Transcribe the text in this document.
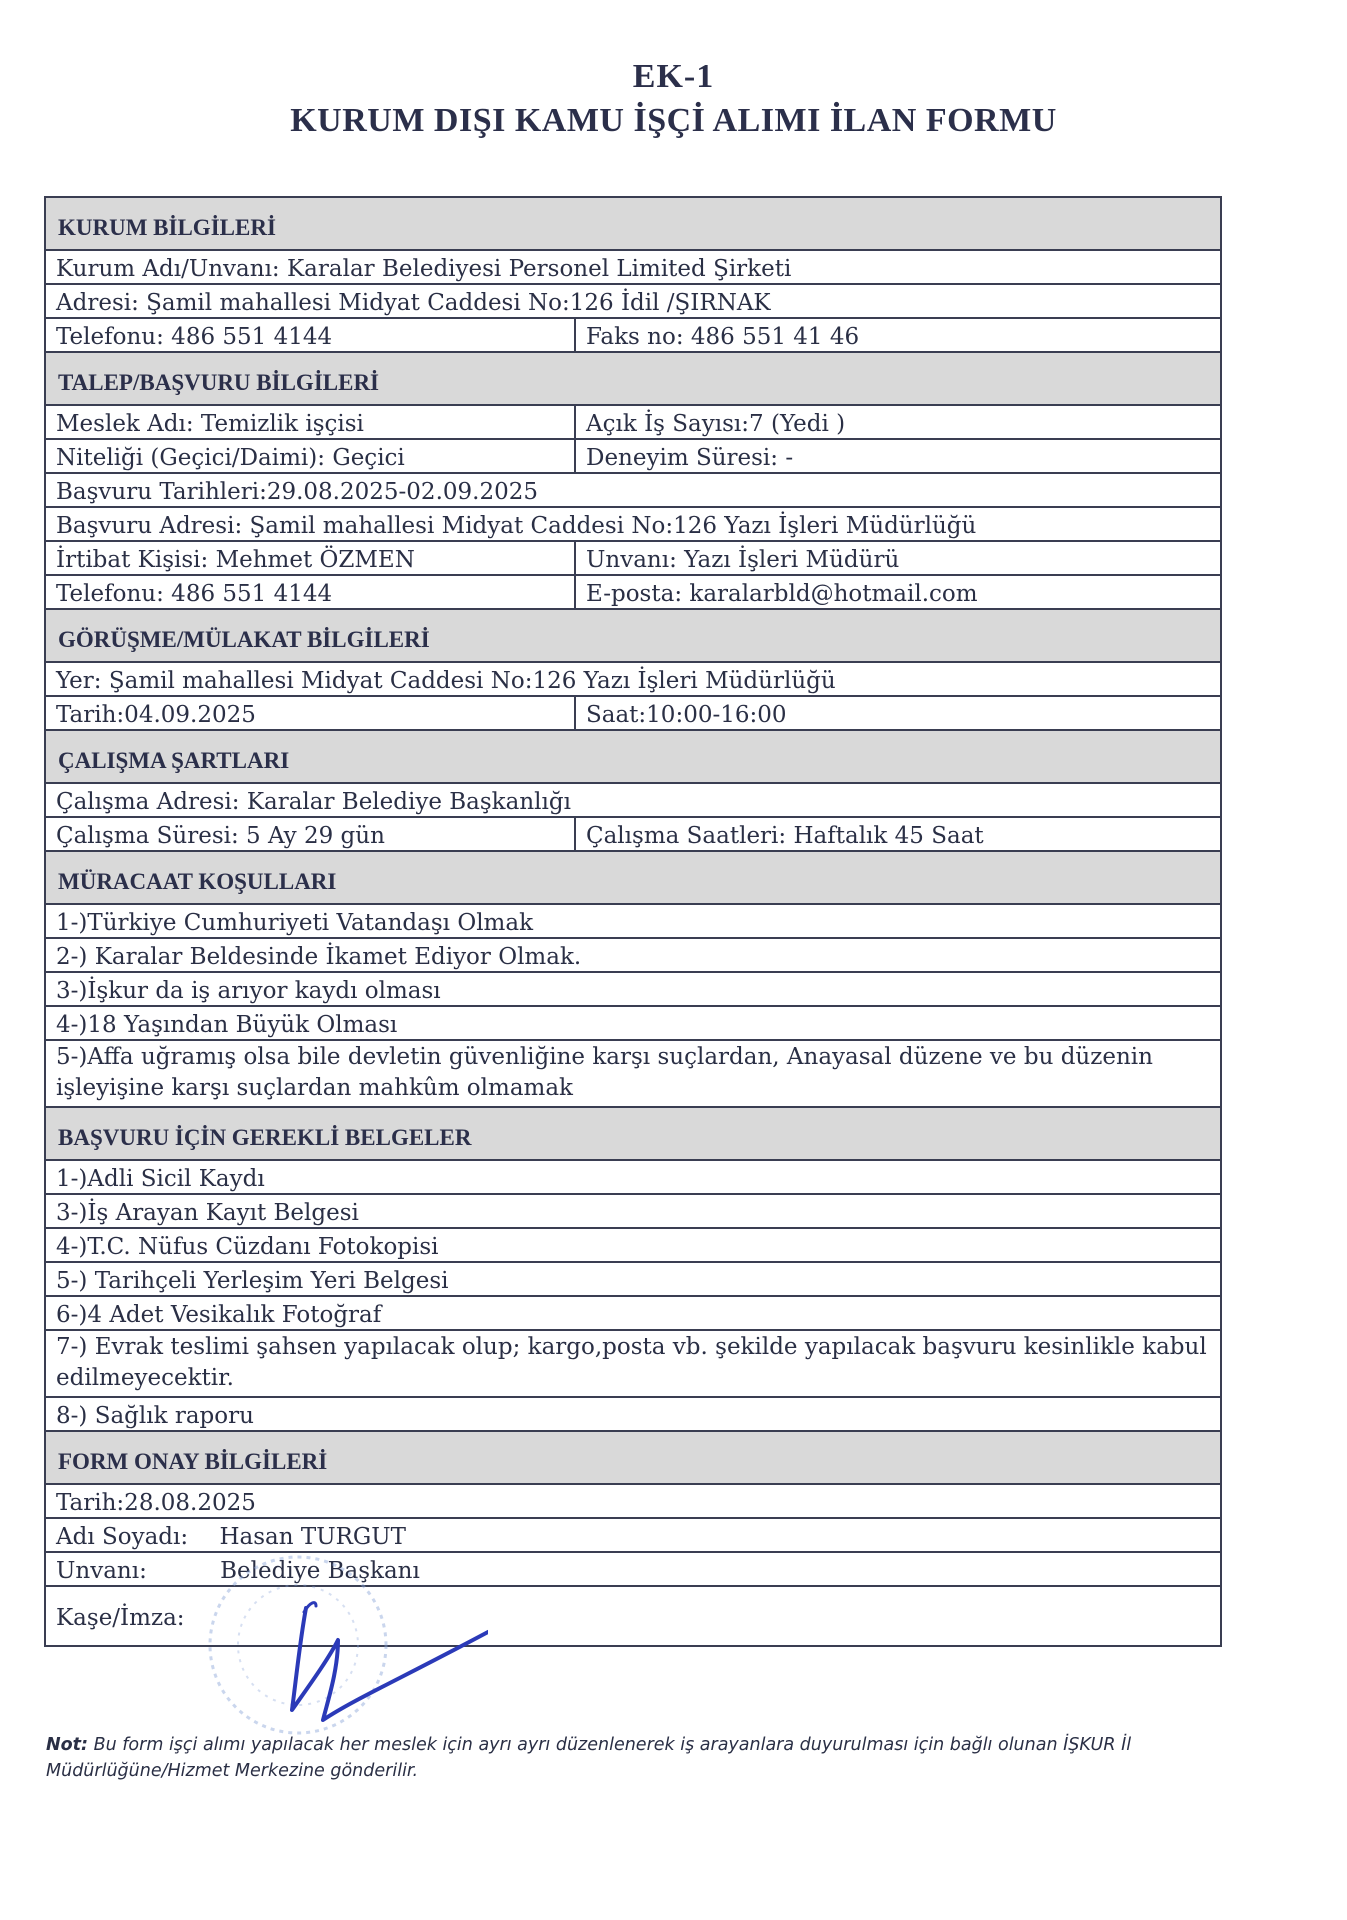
EK-1
KURUM DIŞI KAMU İŞÇİ ALIMI İLAN FORMU
KURUM BİLGİLERİ
Kurum Adı/Unvanı: Karalar Belediyesi Personel Limited Şirketi
Adresi: Şamil mahallesi Midyat Caddesi No:126 İdil /ŞIRNAK
Telefonu: 486 551 4144	Faks no: 486 551 41 46
TALEP/BAŞVURU BİLGİLERİ
Meslek Adı: Temizlik işçisi	Açık İş Sayısı:7 (Yedi )
Niteliği (Geçici/Daimi): Geçici	Deneyim Süresi: -
Başvuru Tarihleri:29.08.2025-02.09.2025
Başvuru Adresi: Şamil mahallesi Midyat Caddesi No:126 Yazı İşleri Müdürlüğü
İrtibat Kişisi: Mehmet ÖZMEN	Unvanı: Yazı İşleri Müdürü
Telefonu: 486 551 4144	E-posta: karalarbld@hotmail.com
GÖRÜŞME/MÜLAKAT BİLGİLERİ
Yer: Şamil mahallesi Midyat Caddesi No:126 Yazı İşleri Müdürlüğü
Tarih:04.09.2025	Saat:10:00-16:00
ÇALIŞMA ŞARTLARI
Çalışma Adresi: Karalar Belediye Başkanlığı
Çalışma Süresi: 5 Ay 29 gün	Çalışma Saatleri: Haftalık 45 Saat
MÜRACAAT KOŞULLARI
1-)Türkiye Cumhuriyeti Vatandaşı Olmak
2-) Karalar Beldesinde İkamet Ediyor Olmak.
3-)İşkur da iş arıyor kaydı olması
4-)18 Yaşından Büyük Olması
5-)Affa uğramış olsa bile devletin güvenliğine karşı suçlardan, Anayasal düzene ve bu düzenin işleyişine karşı suçlardan mahkûm olmamak
BAŞVURU İÇİN GEREKLİ BELGELER
1-)Adli Sicil Kaydı
3-)İş Arayan Kayıt Belgesi
4-)T.C. Nüfus Cüzdanı Fotokopisi
5-) Tarihçeli Yerleşim Yeri Belgesi
6-)4 Adet Vesikalık Fotoğraf
7-) Evrak teslimi şahsen yapılacak olup; kargo,posta vb. şekilde yapılacak başvuru kesinlikle kabul edilmeyecektir.
8-) Sağlık raporu
FORM ONAY BİLGİLERİ
Tarih:28.08.2025
Adı Soyadı: Hasan TURGUT
Unvanı:	Belediye Başkanı
Kaşe/İmza:
Not: Bu form işçi alımı yapılacak her meslek için ayrı ayrı düzenlenerek iş arayanlara duyurulması için bağlı olunan İŞKUR İl Müdürlüğüne/Hizmet Merkezine gönderilir.
